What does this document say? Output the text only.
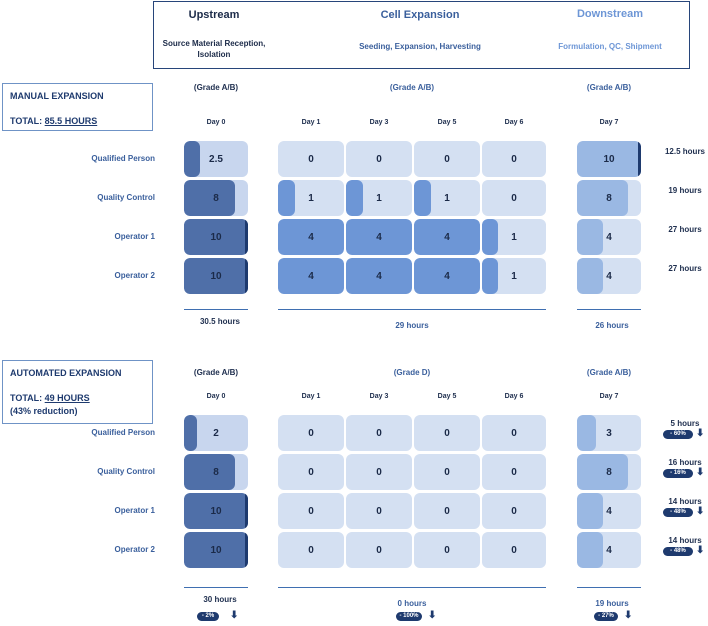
Upstream
Source Material Reception, Isolation
Cell Expansion
Seeding, Expansion, Harvesting
Downstream
Formulation, QC, Shipment
MANUAL EXPANSION
TOTAL: 85.5 HOURS
AUTOMATED EXPANSION
TOTAL: 49 HOURS
(43% reduction)
(Grade A/B)	(Grade A/B)	(Grade A/B)
Day 0	Day 1	Day 3	Day 5	Day 6	Day 7
Qualified Person	2.5	0	0	0	0	10
12.5 hours
Quality Control	8	1	1	1	0	8
19 hours
Operator 1	10	4	4	4	1	4
27 hours
Operator 2	10	4	4	4	1	4
27 hours
30.5 hours	29 hours	26 hours
(Grade A/B)	(Grade D)	(Grade A/B)
Day 0	Day 1	Day 3	Day 5	Day 6	Day 7
Qualified Person	2	0	0	0	0	3
5 hours
- 60%	⬇
Quality Control	8	0	0	0	0	8
16 hours
- 16%	⬇
Operator 1	10	0	0	0	0	4
14 hours
- 48%	⬇
Operator 2	10	0	0	0	0	4
14 hours
- 48%	⬇
30 hours	0 hours	19 hours
- 2%	⬇	- 100% ⬇	- 27%	⬇
